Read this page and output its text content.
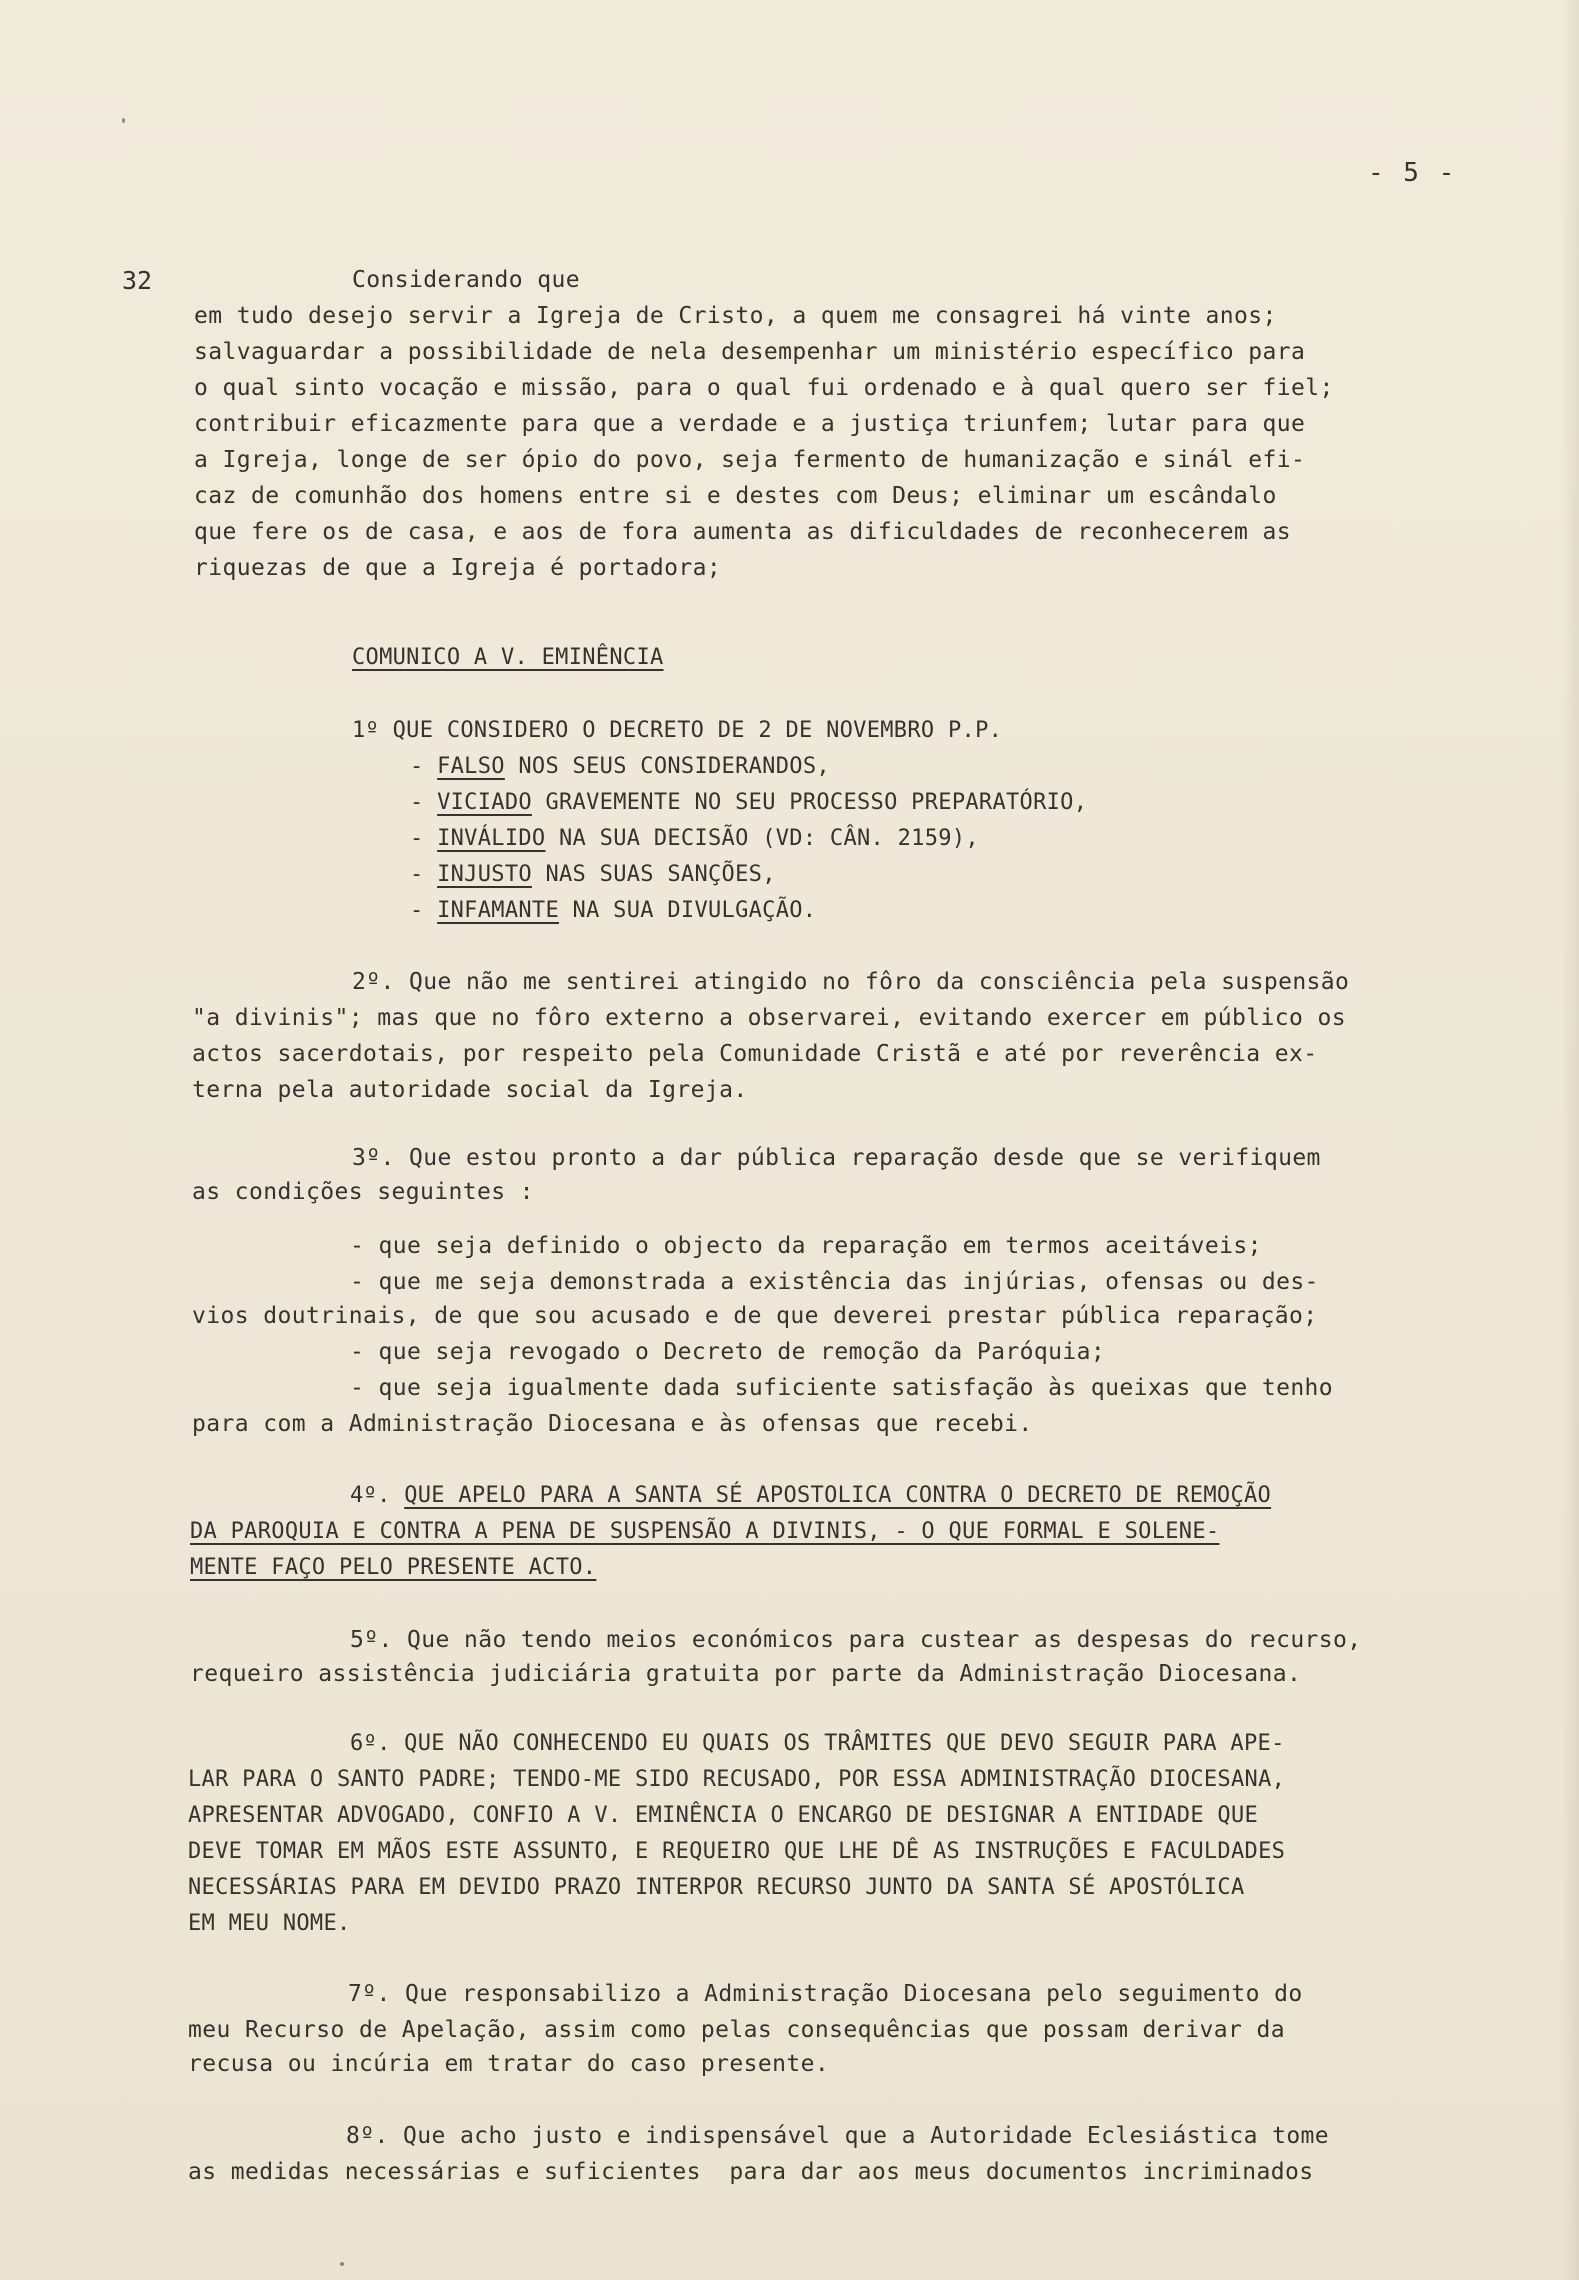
- 5 -
32	Considerando que
em tudo desejo servir a Igreja de Cristo, a quem me consagrei há vinte anos;
salvaguardar a possibilidade de nela desempenhar um ministério específico para
o qual sinto vocação e missão, para o qual fui ordenado e à qual quero ser fiel;
contribuir eficazmente para que a verdade e a justiça triunfem; lutar para que
a Igreja, longe de ser ópio do povo, seja fermento de humanização e sinál efi-
caz de comunhão dos homens entre si e destes com Deus; eliminar um escândalo
que fere os de casa, e aos de fora aumenta as dificuldades de reconhecerem as
riquezas de que a Igreja é portadora;
COMUNICO A V. EMINÊNCIA
1º QUE CONSIDERO O DECRETO DE 2 DE NOVEMBRO P.P.
- FALSO NOS SEUS CONSIDERANDOS,
- VICIADO GRAVEMENTE NO SEU PROCESSO PREPARATÓRIO,
- INVÁLIDO NA SUA DECISÃO (VD: CÂN. 2159),
- INJUSTO NAS SUAS SANÇÕES,
- INFAMANTE NA SUA DIVULGAÇÃO.
2º. Que não me sentirei atingido no fôro da consciência pela suspensão
"a divinis"; mas que no fôro externo a observarei, evitando exercer em público os
actos sacerdotais, por respeito pela Comunidade Cristã e até por reverência ex-
terna pela autoridade social da Igreja.
3º. Que estou pronto a dar pública reparação desde que se verifiquem
as condições seguintes :
- que seja definido o objecto da reparação em termos aceitáveis;
- que me seja demonstrada a existência das injúrias, ofensas ou des-
vios doutrinais, de que sou acusado e de que deverei prestar pública reparação;
- que seja revogado o Decreto de remoção da Paróquia;
- que seja igualmente dada suficiente satisfação às queixas que tenho
para com a Administração Diocesana e às ofensas que recebi.
4º. QUE APELO PARA A SANTA SÉ APOSTOLICA CONTRA O DECRETO DE REMOÇÃO
DA PAROQUIA E CONTRA A PENA DE SUSPENSÃO A DIVINIS, - O QUE FORMAL E SOLENE-
MENTE FAÇO PELO PRESENTE ACTO.
5º. Que não tendo meios económicos para custear as despesas do recurso,
requeiro assistência judiciária gratuita por parte da Administração Diocesana.
6º. QUE NÃO CONHECENDO EU QUAIS OS TRÂMITES QUE DEVO SEGUIR PARA APE-
LAR PARA O SANTO PADRE; TENDO-ME SIDO RECUSADO, POR ESSA ADMINISTRAÇÃO DIOCESANA,
APRESENTAR ADVOGADO, CONFIO A V. EMINÊNCIA O ENCARGO DE DESIGNAR A ENTIDADE QUE
DEVE TOMAR EM MÃOS ESTE ASSUNTO, E REQUEIRO QUE LHE DÊ AS INSTRUÇÕES E FACULDADES
NECESSÁRIAS PARA EM DEVIDO PRAZO INTERPOR RECURSO JUNTO DA SANTA SÉ APOSTÓLICA
EM MEU NOME.
7º. Que responsabilizo a Administração Diocesana pelo seguimento do
meu Recurso de Apelação, assim como pelas consequências que possam derivar da
recusa ou incúria em tratar do caso presente.
8º. Que acho justo e indispensável que a Autoridade Eclesiástica tome
as medidas necessárias e suficientes  para dar aos meus documentos incriminados
